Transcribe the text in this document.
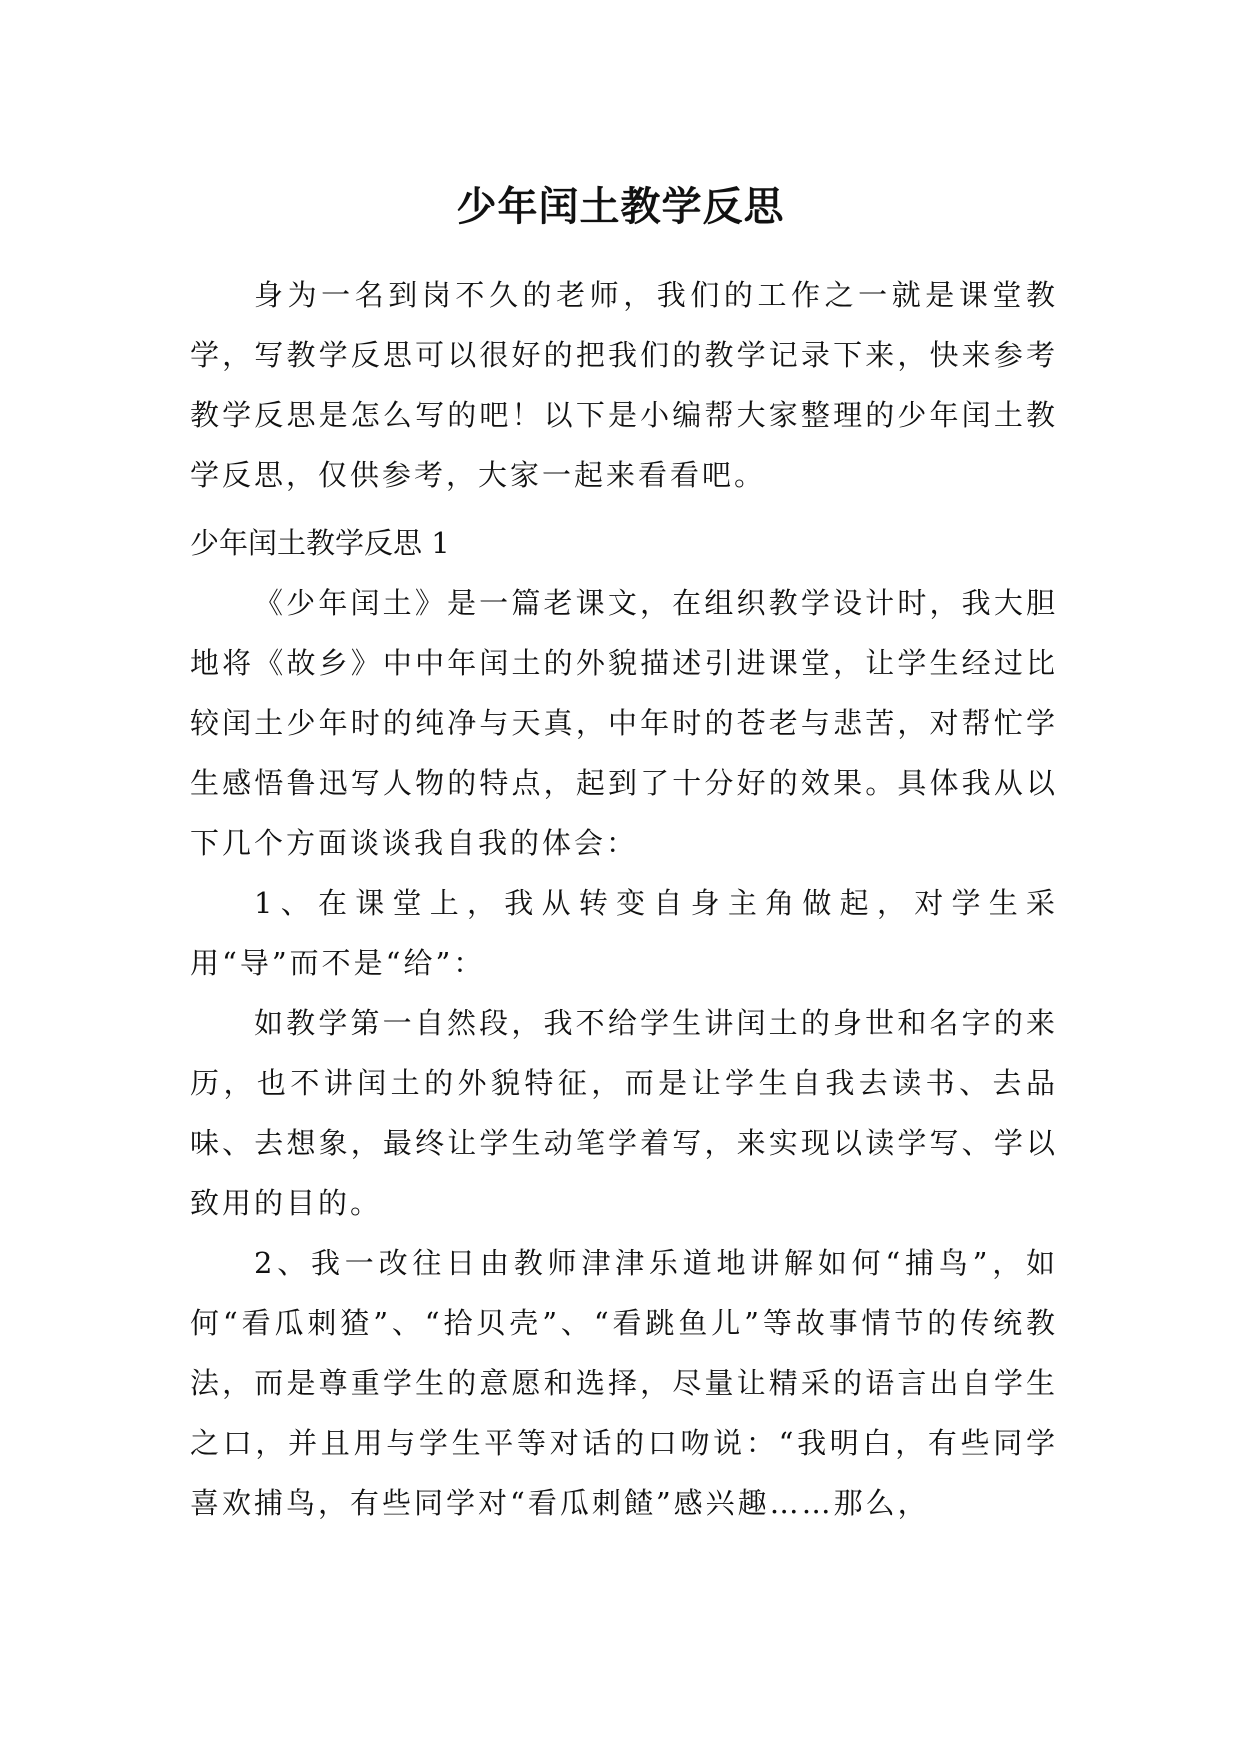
少年闰土教学反思

身为一名到岗不久的老师，我们的工作之一就是课堂教学，写教学反思可以很好的把我们的教学记录下来，快来参考教学反思是怎么写的吧！以下是小编帮大家整理的少年闰土教学反思，仅供参考，大家一起来看看吧。

少年闰土教学反思 1

《少年闰土》是一篇老课文，在组织教学设计时，我大胆地将《故乡》中中年闰土的外貌描述引进课堂，让学生经过比较闰土少年时的纯净与天真，中年时的苍老与悲苦，对帮忙学生感悟鲁迅写人物的特点，起到了十分好的效果。具体我从以下几个方面谈谈我自我的体会：

1、在课堂上，我从转变自身主角做起，对学生采用“导”而不是“给”：

如教学第一自然段，我不给学生讲闰土的身世和名字的来历，也不讲闰土的外貌特征，而是让学生自我去读书、去品味、去想象，最终让学生动笔学着写，来实现以读学写、学以致用的目的。

2、我一改往日由教师津津乐道地讲解如何“捕鸟”，如何“看瓜刺猹”、“拾贝壳”、“看跳鱼儿”等故事情节的传统教法，而是尊重学生的意愿和选择，尽量让精采的语言出自学生之口，并且用与学生平等对话的口吻说：“我明白，有些同学喜欢捕鸟，有些同学对“看瓜刺餷”感兴趣……那么，
